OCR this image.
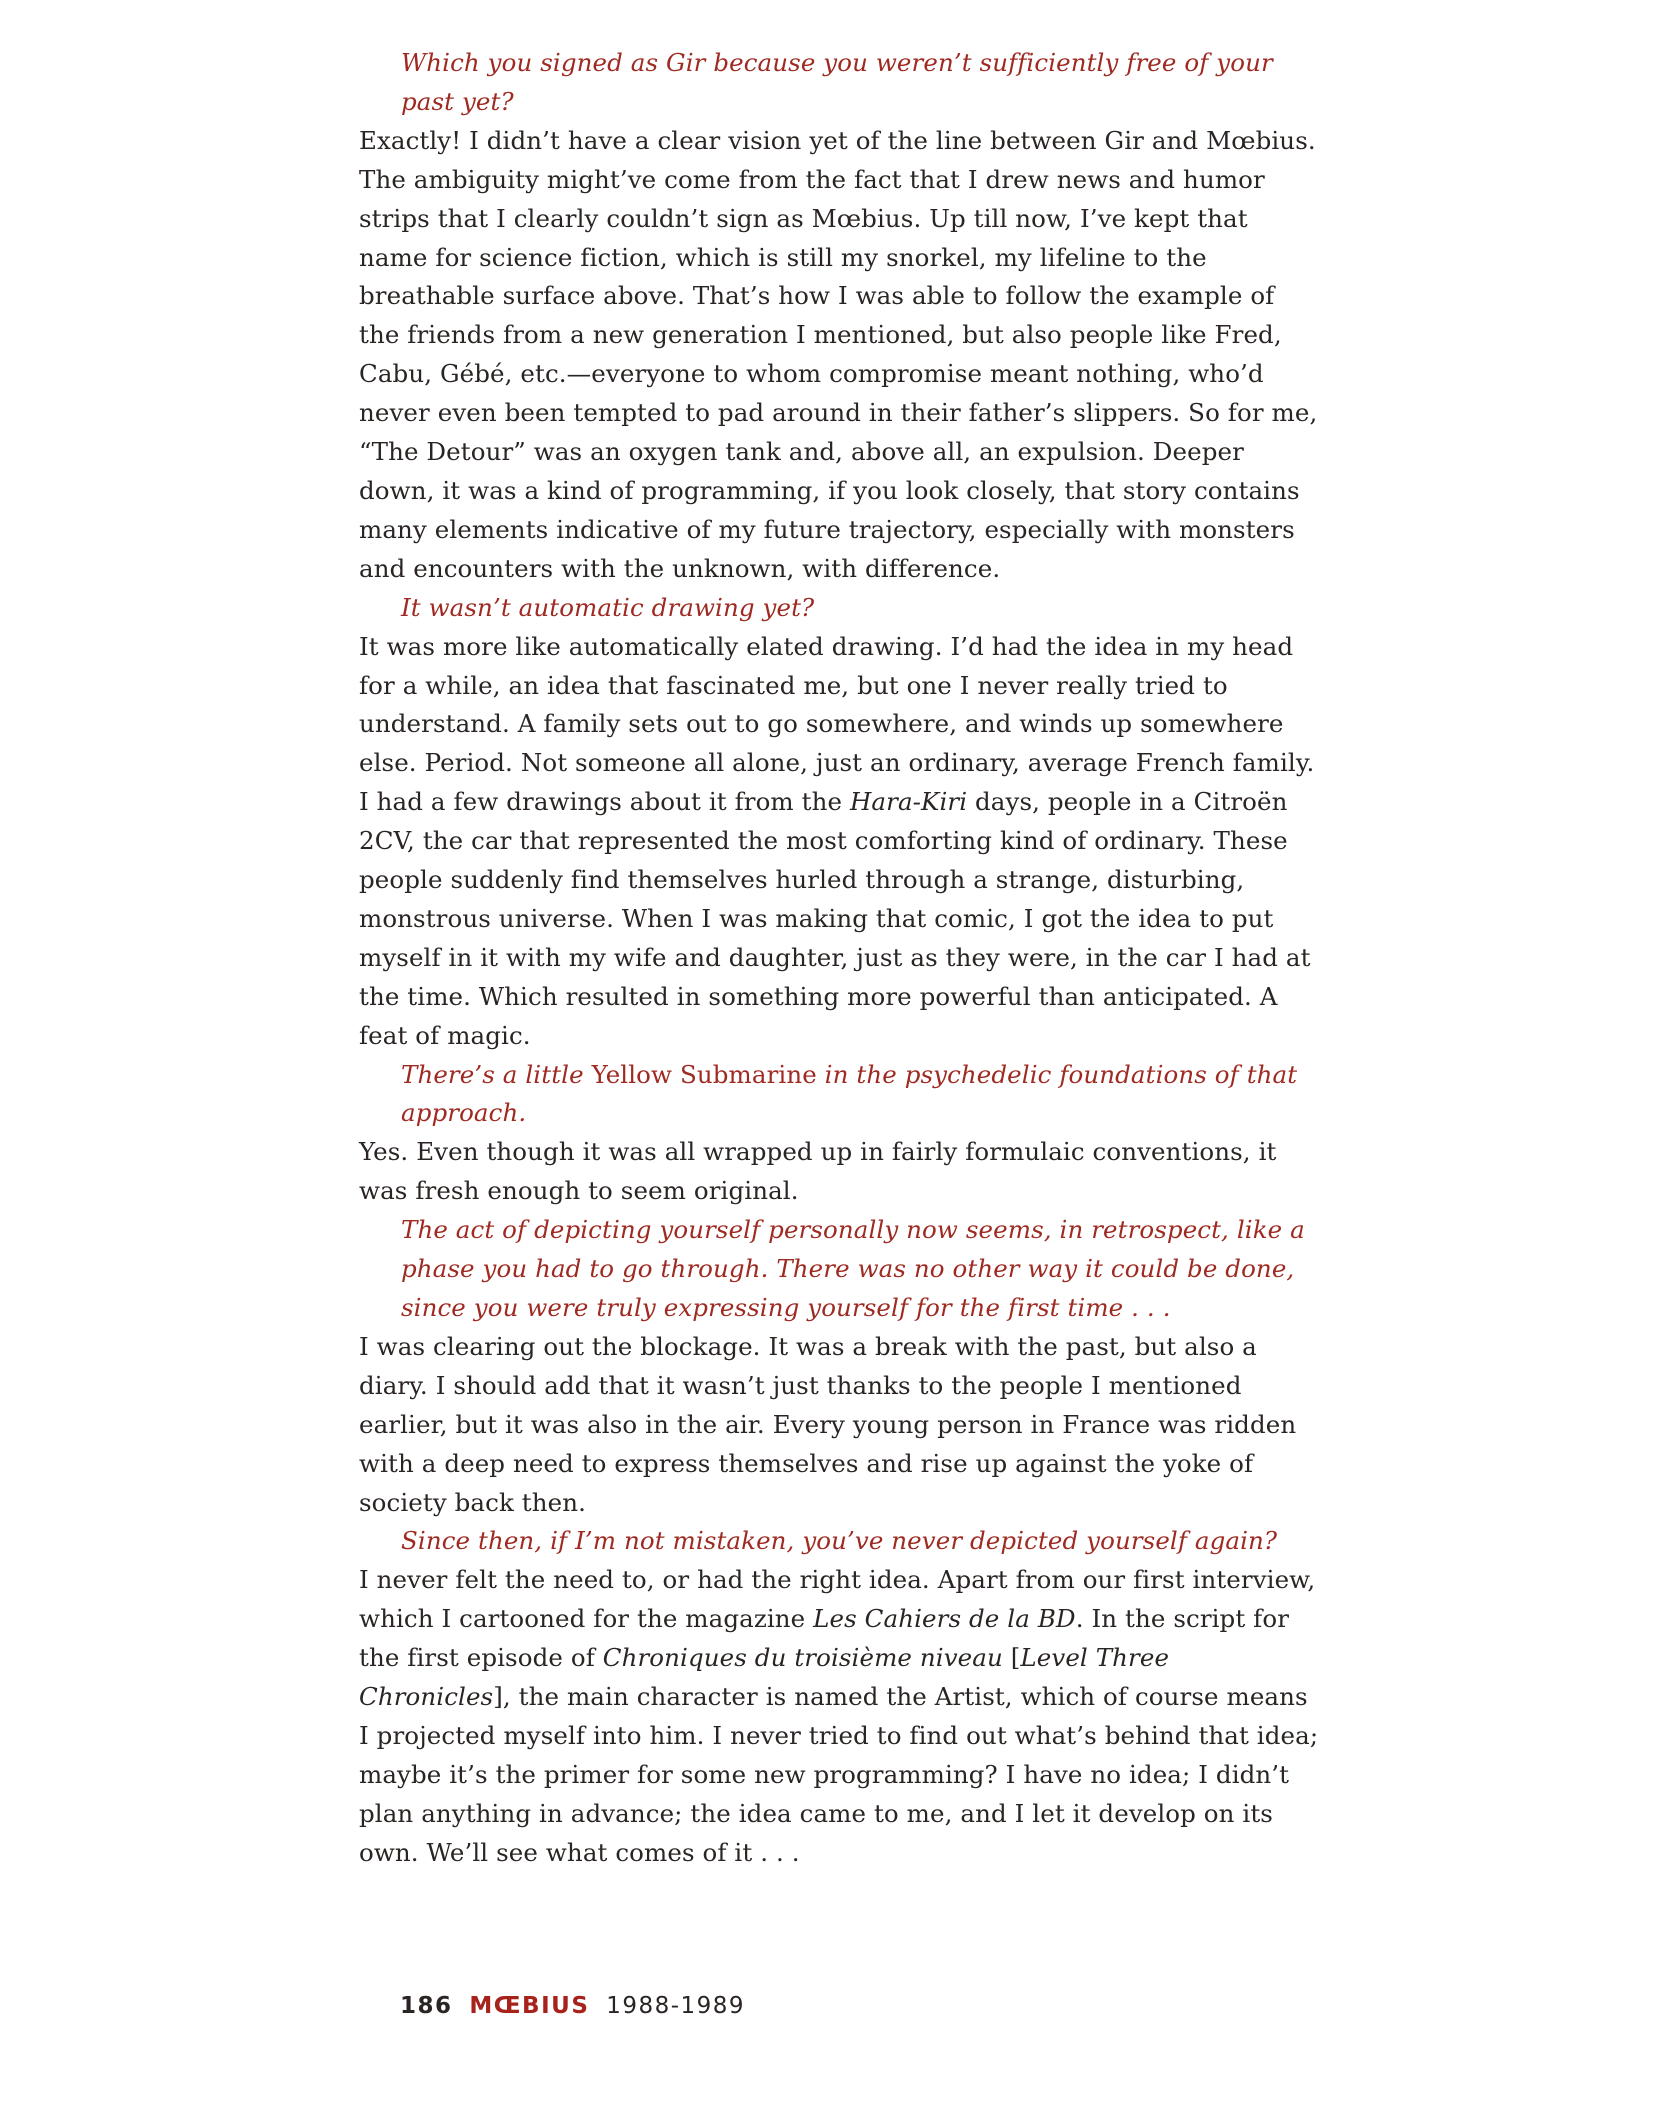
Which you signed as Gir because you weren’t sufficiently free of your past yet?

Exactly! I didn’t have a clear vision yet of the line between Gir and Mœbius. The ambiguity might’ve come from the fact that I drew news and humor strips that I clearly couldn’t sign as Mœbius. Up till now, I’ve kept that name for science fiction, which is still my snorkel, my lifeline to the breathable surface above. That’s how I was able to follow the example of the friends from a new generation I mentioned, but also people like Fred, Cabu, Gébé, etc.—everyone to whom compromise meant nothing, who’d never even been tempted to pad around in their father’s slippers. So for me, “The Detour” was an oxygen tank and, above all, an expulsion. Deeper down, it was a kind of programming, if you look closely, that story contains many elements indicative of my future trajectory, especially with monsters and encounters with the unknown, with difference.

It wasn’t automatic drawing yet?

It was more like automatically elated drawing. I’d had the idea in my head for a while, an idea that fascinated me, but one I never really tried to understand. A family sets out to go somewhere, and winds up somewhere else. Period. Not someone all alone, just an ordinary, average French family. I had a few drawings about it from the Hara-Kiri days, people in a Citroën 2CV, the car that represented the most comforting kind of ordinary. These people suddenly find themselves hurled through a strange, disturbing, monstrous universe. When I was making that comic, I got the idea to put myself in it with my wife and daughter, just as they were, in the car I had at the time. Which resulted in something more powerful than anticipated. A feat of magic.

There’s a little Yellow Submarine in the psychedelic foundations of that approach.

Yes. Even though it was all wrapped up in fairly formulaic conventions, it was fresh enough to seem original.

The act of depicting yourself personally now seems, in retrospect, like a phase you had to go through. There was no other way it could be done, since you were truly expressing yourself for the first time . . .

I was clearing out the blockage. It was a break with the past, but also a diary. I should add that it wasn’t just thanks to the people I mentioned earlier, but it was also in the air. Every young person in France was ridden with a deep need to express themselves and rise up against the yoke of society back then.

Since then, if I’m not mistaken, you’ve never depicted yourself again?

I never felt the need to, or had the right idea. Apart from our first interview, which I cartooned for the magazine Les Cahiers de la BD. In the script for the first episode of Chroniques du troisième niveau [Level Three Chronicles], the main character is named the Artist, which of course means I projected myself into him. I never tried to find out what’s behind that idea; maybe it’s the primer for some new programming? I have no idea; I didn’t plan anything in advance; the idea came to me, and I let it develop on its own. We’ll see what comes of it . . .

186 MŒBIUS 1988-1989
